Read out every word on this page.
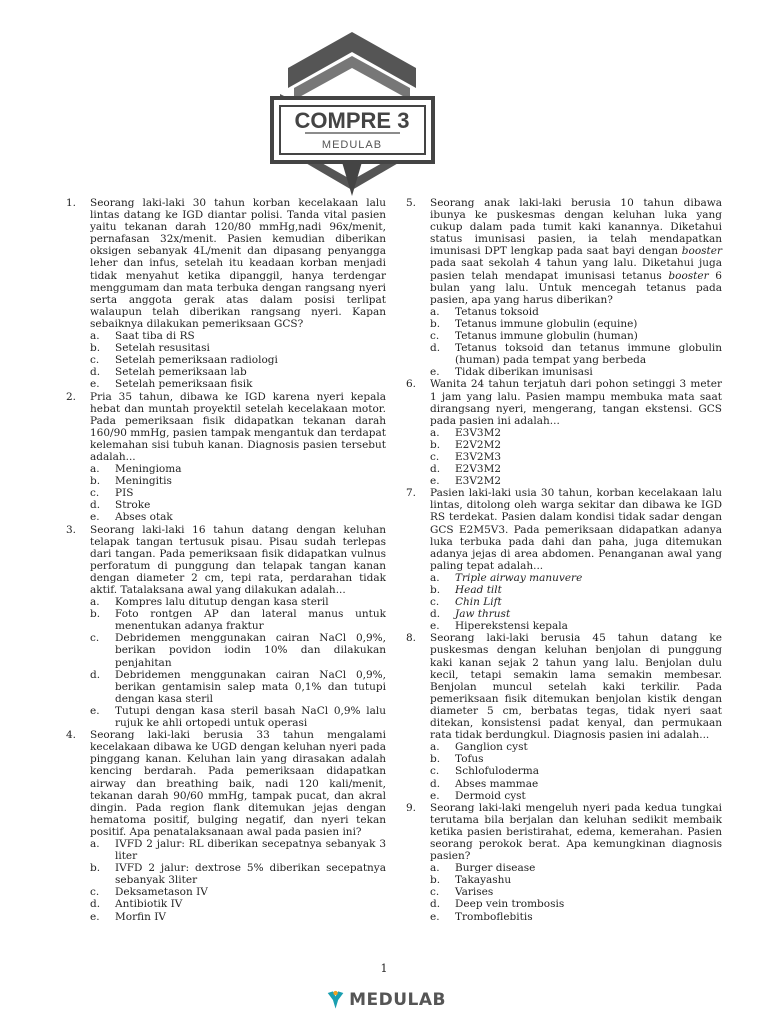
COMPRE 3
MEDULAB
1.	Seorang laki-laki 30 tahun korban kecelakaan lalu lintas datang ke IGD diantar polisi. Tanda vital pasien yaitu tekanan darah 120/80 mmHg,nadi 96x/menit, pernafasan 32x/menit. Pasien kemudian diberikan oksigen sebanyak 4L/menit dan dipasang penyangga leher dan infus, setelah itu keadaan korban menjadi tidak menyahut ketika dipanggil, hanya terdengar menggumam dan mata terbuka dengan rangsang nyeri serta anggota gerak atas dalam posisi terlipat walaupun telah diberikan rangsang nyeri. Kapan sebaiknya dilakukan pemeriksaan GCS?
a.	Saat tiba di RS
b.	Setelah resusitasi
c.	Setelah pemeriksaan radiologi
d.	Setelah pemeriksaan lab
e.	Setelah pemeriksaan fisik
2.	Pria 35 tahun, dibawa ke IGD karena nyeri kepala hebat dan muntah proyektil setelah kecelakaan motor. Pada pemeriksaan fisik didapatkan tekanan darah 160/90 mmHg, pasien tampak mengantuk dan terdapat kelemahan sisi tubuh kanan. Diagnosis pasien tersebut adalah...
a.	Meningioma
b.	Meningitis
c.	PIS
d.	Stroke
e.	Abses otak
3.	Seorang laki-laki 16 tahun datang dengan keluhan telapak tangan tertusuk pisau. Pisau sudah terlepas dari tangan. Pada pemeriksaan fisik didapatkan vulnus perforatum di punggung dan telapak tangan kanan dengan diameter 2 cm, tepi rata, perdarahan tidak aktif. Tatalaksana awal yang dilakukan adalah...
a.	Kompres lalu ditutup dengan kasa steril
b.	Foto rontgen AP dan lateral manus untuk menentukan adanya fraktur
c.	Debridemen menggunakan cairan NaCl 0,9%, berikan povidon iodin 10% dan dilakukan penjahitan
d.	Debridemen menggunakan cairan NaCl 0,9%, berikan gentamisin salep mata 0,1% dan tutupi dengan kasa steril
e.	Tutupi dengan kasa steril basah NaCl 0,9% lalu rujuk ke ahli ortopedi untuk operasi
4.	Seorang laki-laki berusia 33 tahun mengalami kecelakaan dibawa ke UGD dengan keluhan nyeri pada pinggang kanan. Keluhan lain yang dirasakan adalah kencing berdarah. Pada pemeriksaan didapatkan airway dan breathing baik, nadi 120 kali/menit, tekanan darah 90/60 mmHg, tampak pucat, dan akral dingin. Pada region flank ditemukan jejas dengan hematoma positif, bulging negatif, dan nyeri tekan positif. Apa penatalaksanaan awal pada pasien ini?
a.	IVFD 2 jalur: RL diberikan secepatnya sebanyak 3 liter
b.	IVFD 2 jalur: dextrose 5% diberikan secepatnya sebanyak 3liter
c.	Deksametason IV
d.	Antibiotik IV
e.	Morfin IV
5.	Seorang anak laki-laki berusia 10 tahun dibawa ibunya ke puskesmas dengan keluhan luka yang cukup dalam pada tumit kaki kanannya. Diketahui status imunisasi pasien, ia telah mendapatkan imunisasi DPT lengkap pada saat bayi dengan booster pada saat sekolah 4 tahun yang lalu. Diketahui juga pasien telah mendapat imunisasi tetanus booster 6 bulan yang lalu. Untuk mencegah tetanus pada pasien, apa yang harus diberikan?
a.	Tetanus toksoid
b.	Tetanus immune globulin (equine)
c.	Tetanus immune globulin (human)
d.	Tetanus toksoid dan tetanus immune globulin (human) pada tempat yang berbeda
e.	Tidak diberikan imunisasi
6.	Wanita 24 tahun terjatuh dari pohon setinggi 3 meter 1 jam yang lalu. Pasien mampu membuka mata saat dirangsang nyeri, mengerang, tangan ekstensi. GCS pada pasien ini adalah...
a.	E3V3M2
b.	E2V2M2
c.	E3V2M3
d.	E2V3M2
e.	E3V2M2
7.	Pasien laki-laki usia 30 tahun, korban kecelakaan lalu lintas, ditolong oleh warga sekitar dan dibawa ke IGD RS terdekat. Pasien dalam kondisi tidak sadar dengan GCS E2M5V3. Pada pemeriksaan didapatkan adanya luka terbuka pada dahi dan paha, juga ditemukan adanya jejas di area abdomen. Penanganan awal yang paling tepat adalah...
a.	Triple airway manuvere
b.	Head tilt
c.	Chin Lift
d.	Jaw thrust
e.	Hiperekstensi kepala
8.	Seorang laki-laki berusia 45 tahun datang ke puskesmas dengan keluhan benjolan di punggung kaki kanan sejak 2 tahun yang lalu. Benjolan dulu kecil, tetapi semakin lama semakin membesar. Benjolan muncul setelah kaki terkilir. Pada pemeriksaan fisik ditemukan benjolan kistik dengan diameter 5 cm, berbatas tegas, tidak nyeri saat ditekan, konsistensi padat kenyal, dan permukaan rata tidak berdungkul. Diagnosis pasien ini adalah...
a.	Ganglion cyst
b.	Tofus
c.	Schlofuloderma
d.	Abses mammae
e.	Dermoid cyst
9.	Seorang laki-laki mengeluh nyeri pada kedua tungkai terutama bila berjalan dan keluhan sedikit membaik ketika pasien beristirahat, edema, kemerahan. Pasien seorang perokok berat. Apa kemungkinan diagnosis pasien?
a.	Burger disease
b.	Takayashu
c.	Varises
d.	Deep vein trombosis
e.	Tromboflebitis
1
MEDULAB
